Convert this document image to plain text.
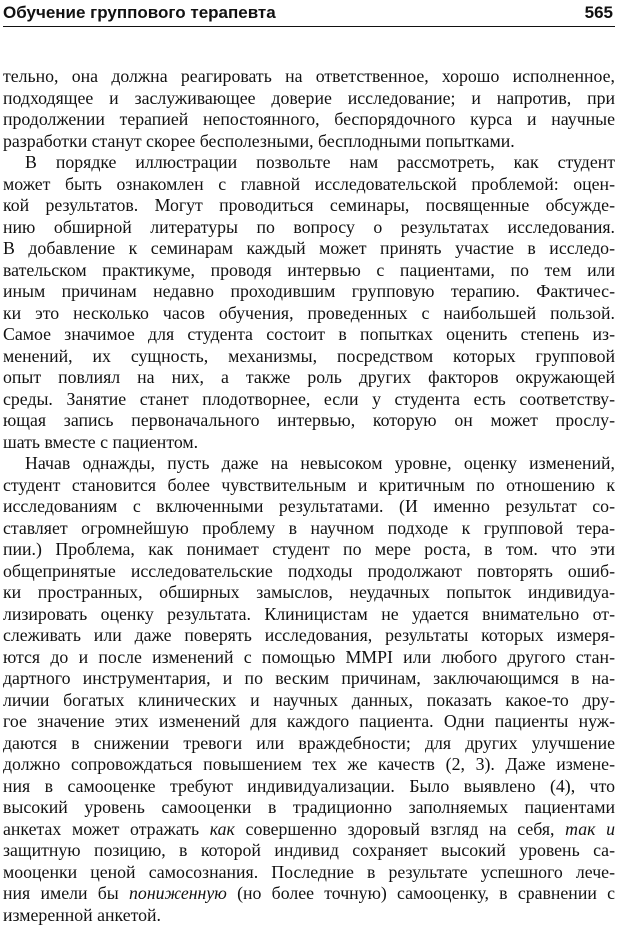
Обучение группового терапевта	565
тельно, она должна реагировать на ответственное, хорошо исполненное,
подходящее и заслуживающее доверие исследование; и напротив, при
продолжении терапией непостоянного, беспорядочного курса и научные
разработки станут скорее бесполезными, бесплодными попытками.
В порядке иллюстрации позвольте нам рассмотреть, как студент
может быть ознакомлен с главной исследовательской проблемой: оцен-
кой результатов. Могут проводиться семинары, посвященные обсужде-
нию обширной литературы по вопросу о результатах исследования.
В добавление к семинарам каждый может принять участие в исследо-
вательском практикуме, проводя интервью с пациентами, по тем или
иным причинам недавно проходившим групповую терапию. Фактичес-
ки это несколько часов обучения, проведенных с наибольшей пользой.
Самое значимое для студента состоит в попытках оценить степень из-
менений, их сущность, механизмы, посредством которых групповой
опыт повлиял на них, а также роль других факторов окружающей
среды. Занятие станет плодотворнее, если у студента есть соответству-
ющая запись первоначального интервью, которую он может прослу-
шать вместе с пациентом.
Начав однажды, пусть даже на невысоком уровне, оценку изменений,
студент становится более чувствительным и критичным по отношению к
исследованиям с включенными результатами. (И именно результат со-
ставляет огромнейшую проблему в научном подходе к групповой тера-
пии.) Проблема, как понимает студент по мере роста, в том. что эти
общепринятые исследовательские подходы продолжают повторять ошиб-
ки пространных, обширных замыслов, неудачных попыток индивидуа-
лизировать оценку результата. Клиницистам не удается внимательно от-
слеживать или даже поверять исследования, результаты которых измеря-
ются до и после изменений с помощью MMPI или любого другого стан-
дартного инструментария, и по веским причинам, заключающимся в на-
личии богатых клинических и научных данных, показать какое-то дру-
гое значение этих изменений для каждого пациента. Одни пациенты нуж-
даются в снижении тревоги или враждебности; для других улучшение
должно сопровождаться повышением тех же качеств (2, 3). Даже измене-
ния в самооценке требуют индивидуализации. Было выявлено (4), что
высокий уровень самооценки в традиционно заполняемых пациентами
анкетах может отражать как совершенно здоровый взгляд на себя, так и
защитную позицию, в которой индивид сохраняет высокий уровень са-
мооценки ценой самосознания. Последние в результате успешного лече-
ния имели бы пониженную (но более точную) самооценку, в сравнении с
измеренной анкетой.
